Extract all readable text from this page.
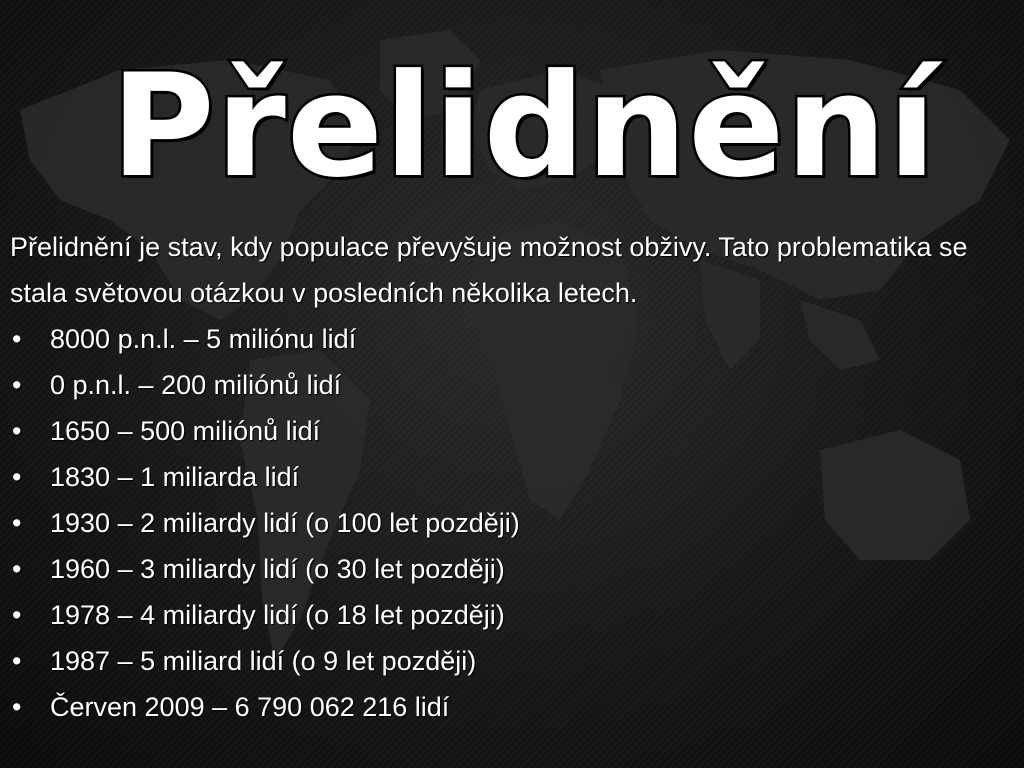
Přelidnění

Přelidnění je stav, kdy populace převyšuje možnost obživy. Tato problematika se stala světovou otázkou v posledních několika letech.

•	8000 p.n.l. – 5 miliónu lidí
•	0 p.n.l. – 200 miliónů lidí
•	1650 – 500 miliónů lidí
•	1830 – 1 miliarda lidí
•	1930 – 2 miliardy lidí (o 100 let později)
•	1960 – 3 miliardy lidí (o 30 let později)
•	1978 – 4 miliardy lidí (o 18 let později)
•	1987 – 5 miliard lidí (o 9 let později)
•	Červen 2009 – 6 790 062 216 lidí
